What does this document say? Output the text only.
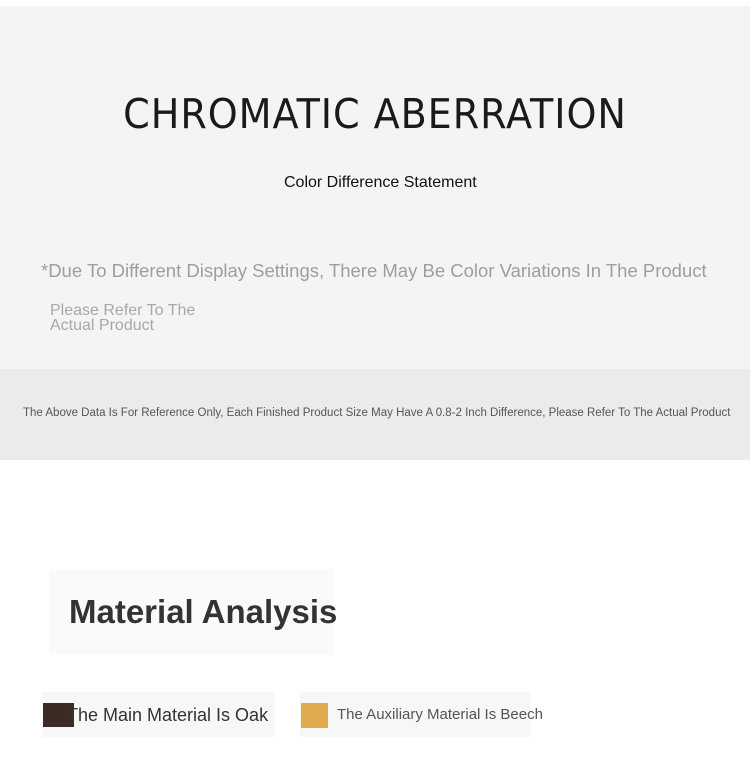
CHROMATIC ABERRATION
Color Difference Statement
*Due To Different Display Settings, There May Be Color Variations In The Product
Please Refer To The Actual Product
The Above Data Is For Reference Only, Each Finished Product Size May Have A 0.8-2 Inch Difference, Please Refer To The Actual Product
Material Analysis
The Main Material Is Oak	The Auxiliary Material Is Beech
